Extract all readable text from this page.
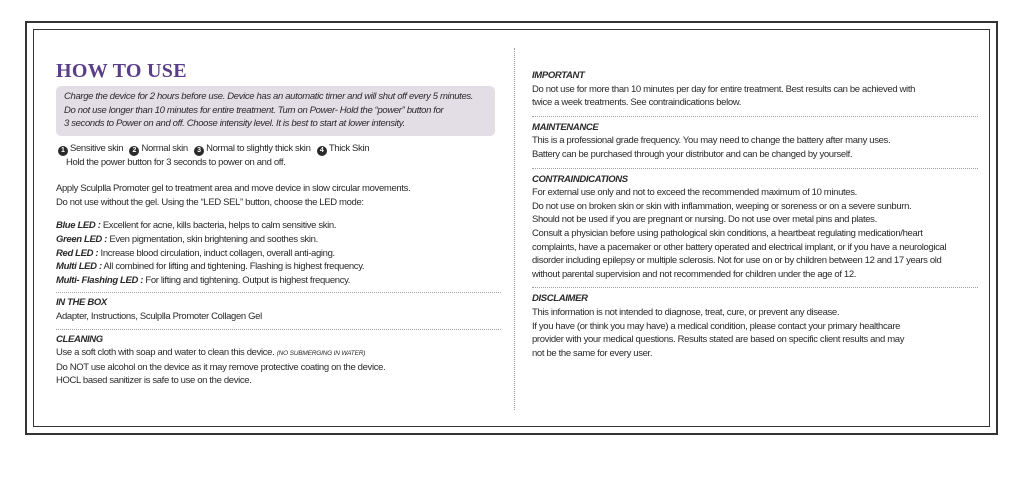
HOW TO USE
Charge the device for 2 hours before use. Device has an automatic timer and will shut off every 5 minutes.
Do not use longer than 10 minutes for entire treatment. Turn on Power- Hold the “power” button for
3 seconds to Power on and off. Choose intensity level. It is best to start at lower intensity.
1 Sensitive skin 2 Normal skin 3 Normal to slightly thick skin 4 Thick Skin
Hold the power button for 3 seconds to power on and off.
Apply Sculplla Promoter gel to treatment area and move device in slow circular movements.
Do not use without the gel. Using the “LED SEL” button, choose the LED mode:
Blue LED : Excellent for acne, kills bacteria, helps to calm sensitive skin.
Green LED : Even pigmentation, skin brightening and soothes skin.
Red LED : Increase blood circulation, induct collagen, overall anti-aging.
Multi LED : All combined for lifting and tightening. Flashing is highest frequency.
Multi- Flashing LED : For lifting and tightening. Output is highest frequency.
IN THE BOX
Adapter, Instructions, Sculplla Promoter Collagen Gel
CLEANING
Use a soft cloth with soap and water to clean this device. (NO SUBMERGING IN WATER)
Do NOT use alcohol on the device as it may remove protective coating on the device.
HOCL based sanitizer is safe to use on the device.
IMPORTANT
Do not use for more than 10 minutes per day for entire treatment. Best results can be achieved with
twice a week treatments. See contraindications below.
MAINTENANCE
This is a professional grade frequency. You may need to change the battery after many uses.
Battery can be purchased through your distributor and can be changed by yourself.
CONTRAINDICATIONS
For external use only and not to exceed the recommended maximum of 10 minutes.
Do not use on broken skin or skin with inflammation, weeping or soreness or on a severe sunburn.
Should not be used if you are pregnant or nursing. Do not use over metal pins and plates.
Consult a physician before using pathological skin conditions, a heartbeat regulating medication/heart
complaints, have a pacemaker or other battery operated and electrical implant, or if you have a neurological
disorder including epilepsy or multiple sclerosis. Not for use on or by children between 12 and 17 years old
without parental supervision and not recommended for children under the age of 12.
DISCLAIMER
This information is not intended to diagnose, treat, cure, or prevent any disease.
If you have (or think you may have) a medical condition, please contact your primary healthcare
provider with your medical questions. Results stated are based on specific client results and may
not be the same for every user.
